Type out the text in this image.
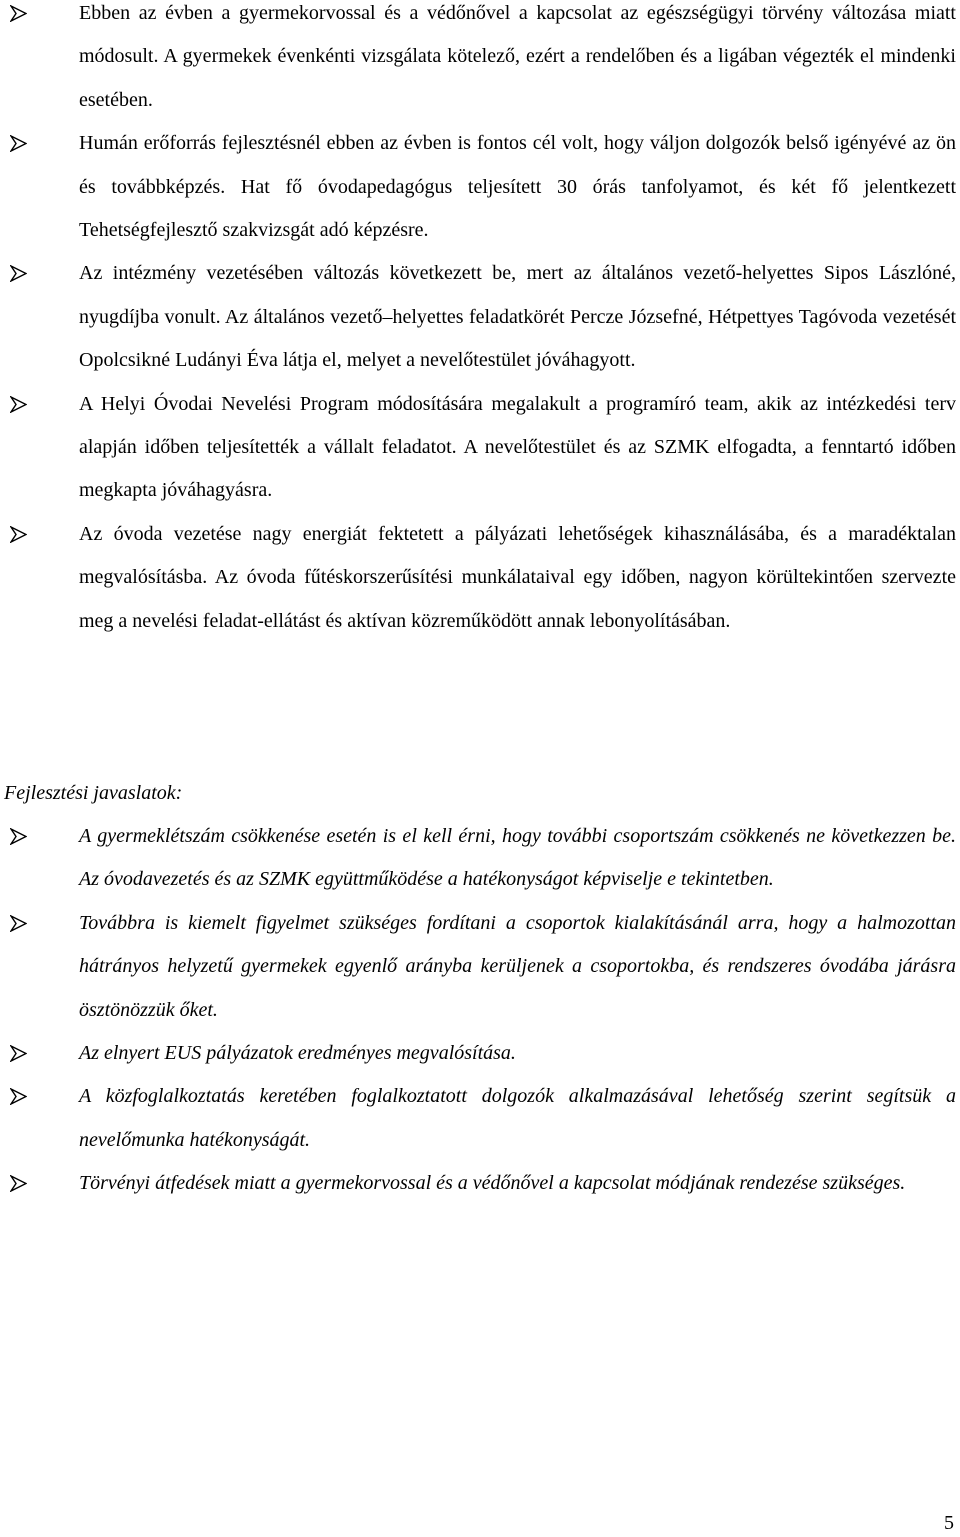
Ebben az évben a gyermekorvossal és a védőnővel a kapcsolat az egészségügyi törvény változása miatt módosult. A gyermekek évenkénti vizsgálata kötelező, ezért a rendelőben és a ligában végezték el mindenki esetében.
Humán erőforrás fejlesztésnél ebben az évben is fontos cél volt, hogy váljon dolgozók belső igényévé az ön és továbbképzés. Hat fő óvodapedagógus teljesített 30 órás tanfolyamot, és két fő jelentkezett Tehetségfejlesztő szakvizsgát adó képzésre.
Az intézmény vezetésében változás következett be, mert az általános vezető-helyettes Sipos Lászlóné, nyugdíjba vonult. Az általános vezető–helyettes feladatkörét Percze Józsefné, Hétpettyes Tagóvoda vezetését Opolcsikné Ludányi Éva látja el, melyet a nevelőtestület jóváhagyott.
A Helyi Óvodai Nevelési Program módosítására megalakult a programíró team, akik az intézkedési terv alapján időben teljesítették a vállalt feladatot. A nevelőtestület és az SZMK elfogadta, a fenntartó időben megkapta jóváhagyásra.
Az óvoda vezetése nagy energiát fektetett a pályázati lehetőségek kihasználásába, és a maradéktalan megvalósításba. Az óvoda fűtéskorszerűsítési munkálataival egy időben, nagyon körültekintően szervezte meg a nevelési feladat-ellátást és aktívan közreműködött annak lebonyolításában.
Fejlesztési javaslatok:
A gyermeklétszám csökkenése esetén is el kell érni, hogy további csoportszám csökkenés ne következzen be. Az óvodavezetés és az SZMK együttműködése a hatékonyságot képviselje e tekintetben.
Továbbra is kiemelt figyelmet szükséges fordítani a csoportok kialakításánál arra, hogy a halmozottan hátrányos helyzetű gyermekek egyenlő arányba kerüljenek a csoportokba, és rendszeres óvodába járásra ösztönözzük őket.
Az elnyert EUS pályázatok eredményes megvalósítása.
A közfoglalkoztatás keretében foglalkoztatott dolgozók alkalmazásával lehetőség szerint segítsük a nevelőmunka hatékonyságát.
Törvényi átfedések miatt a gyermekorvossal és a védőnővel a kapcsolat módjának rendezése szükséges.
5
